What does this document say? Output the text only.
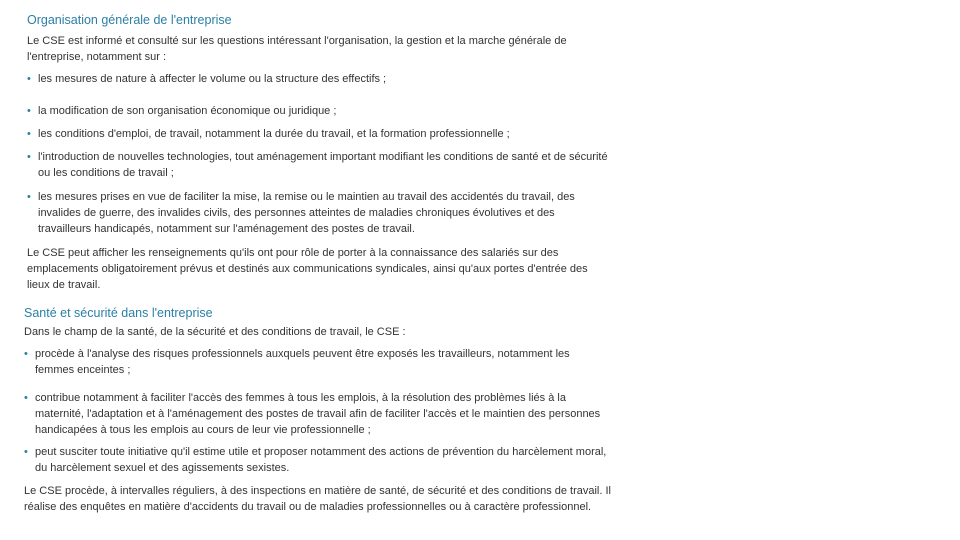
Organisation générale de l'entreprise

Le CSE est informé et consulté sur les questions intéressant l'organisation, la gestion et la marche générale de l'entreprise, notamment sur :

• les mesures de nature à affecter le volume ou la structure des effectifs ;
• la modification de son organisation économique ou juridique ;
• les conditions d'emploi, de travail, notamment la durée du travail, et la formation professionnelle ;
• l'introduction de nouvelles technologies, tout aménagement important modifiant les conditions de santé et de sécurité ou les conditions de travail ;
• les mesures prises en vue de faciliter la mise, la remise ou le maintien au travail des accidentés du travail, des invalides de guerre, des invalides civils, des personnes atteintes de maladies chroniques évolutives et des travailleurs handicapés, notamment sur l'aménagement des postes de travail.

Le CSE peut afficher les renseignements qu'ils ont pour rôle de porter à la connaissance des salariés sur des emplacements obligatoirement prévus et destinés aux communications syndicales, ainsi qu'aux portes d'entrée des lieux de travail.

Santé et sécurité dans l'entreprise

Dans le champ de la santé, de la sécurité et des conditions de travail, le CSE :

• procède à l'analyse des risques professionnels auxquels peuvent être exposés les travailleurs, notamment les femmes enceintes ;
• contribue notamment à faciliter l'accès des femmes à tous les emplois, à la résolution des problèmes liés à la maternité, l'adaptation et à l'aménagement des postes de travail afin de faciliter l'accès et le maintien des personnes handicapées à tous les emplois au cours de leur vie professionnelle ;
• peut susciter toute initiative qu'il estime utile et proposer notamment des actions de prévention du harcèlement moral, du harcèlement sexuel et des agissements sexistes.

Le CSE procède, à intervalles réguliers, à des inspections en matière de santé, de sécurité et des conditions de travail. Il réalise des enquêtes en matière d'accidents du travail ou de maladies professionnelles ou à caractère professionnel.
